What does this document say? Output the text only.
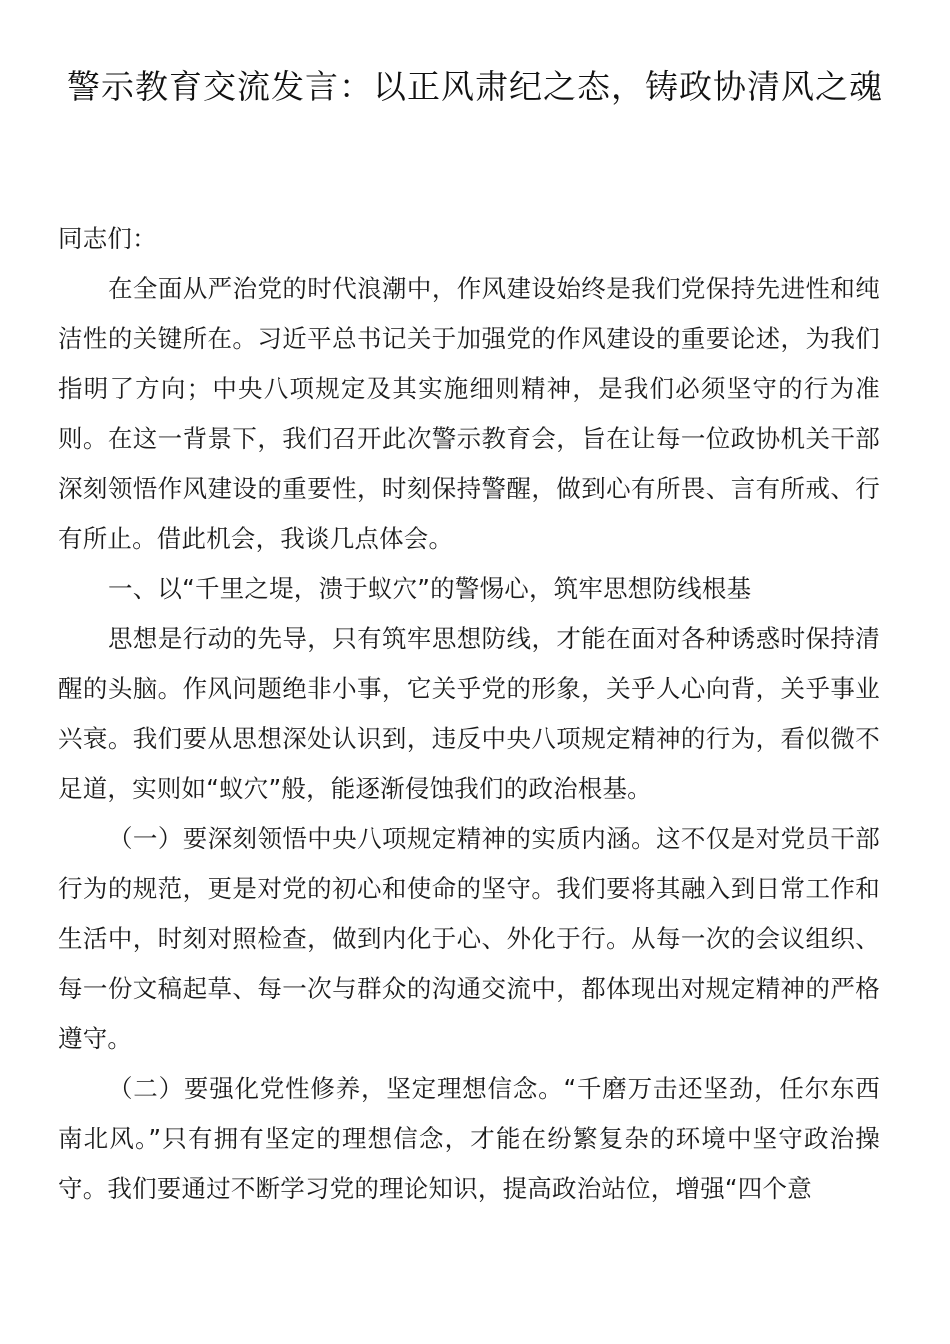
警示教育交流发言：以正风肃纪之态，铸政协清风之魂

同志们：

在全面从严治党的时代浪潮中，作风建设始终是我们党保持先进性和纯洁性的关键所在。习近平总书记关于加强党的作风建设的重要论述，为我们指明了方向；中央八项规定及其实施细则精神，是我们必须坚守的行为准则。在这一背景下，我们召开此次警示教育会，旨在让每一位政协机关干部深刻领悟作风建设的重要性，时刻保持警醒，做到心有所畏、言有所戒、行有所止。借此机会，我谈几点体会。

一、以“千里之堤，溃于蚁穴”的警惕心，筑牢思想防线根基

思想是行动的先导，只有筑牢思想防线，才能在面对各种诱惑时保持清醒的头脑。作风问题绝非小事，它关乎党的形象，关乎人心向背，关乎事业兴衰。我们要从思想深处认识到，违反中央八项规定精神的行为，看似微不足道，实则如“蚁穴”般，能逐渐侵蚀我们的政治根基。

（一）要深刻领悟中央八项规定精神的实质内涵。这不仅是对党员干部行为的规范，更是对党的初心和使命的坚守。我们要将其融入到日常工作和生活中，时刻对照检查，做到内化于心、外化于行。从每一次的会议组织、每一份文稿起草、每一次与群众的沟通交流中，都体现出对规定精神的严格遵守。

（二）要强化党性修养，坚定理想信念。“千磨万击还坚劲，任尔东西南北风。”只有拥有坚定的理想信念，才能在纷繁复杂的环境中坚守政治操守。我们要通过不断学习党的理论知识，提高政治站位，增强“四个意
